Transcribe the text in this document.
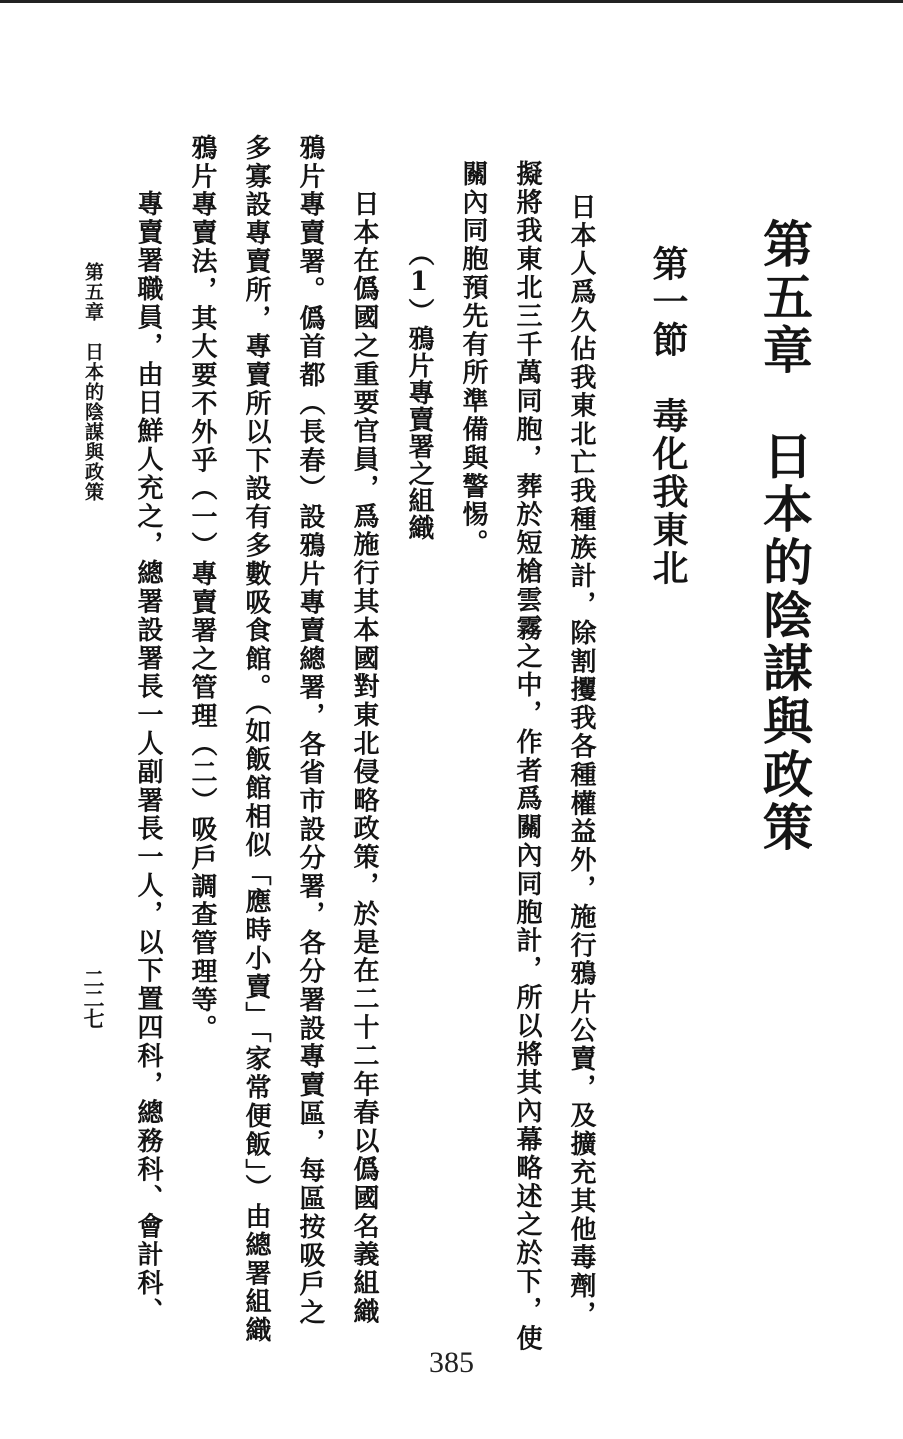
第五章　日本的陰謀與政策
第一節　毒化我東北
日本人爲久佔我東北亡我種族計，除割攫我各種權益外，施行鴉片公賣，及擴充其他毒劑，
擬將我東北三千萬同胞，葬於短槍雲霧之中，作者爲關內同胞計，所以將其內幕略述之於下，使
關內同胞預先有所準備與警惕。
（1）鴉片專賣署之組織
日本在僞國之重要官員，爲施行其本國對東北侵略政策，於是在二十二年春以僞國名義組織
鴉片專賣署。僞首都（長春）設鴉片專賣總署，各省市設分署，各分署設專賣區，每區按吸戶之
多寡設專賣所，專賣所以下設有多數吸食館。（如飯館相似「應時小賣」「家常便飯」）由總署組織
鴉片專賣法，其大要不外乎（一）專賣署之管理（二）吸戶調查管理等。
專賣署職員，由日鮮人充之，總署設署長一人副署長一人，以下置四科，總務科、會計科、
第五章　日本的陰謀與政策
二二七
385
